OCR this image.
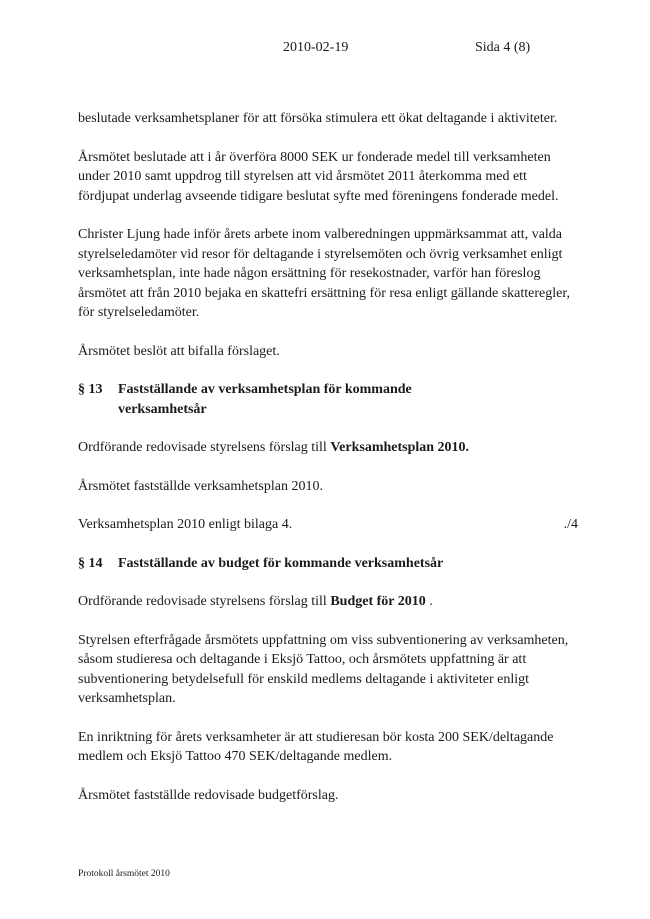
2010-02-19	Sida 4 (8)

beslutade verksamhetsplaner för att försöka stimulera ett ökat deltagande i aktiviteter.

Årsmötet beslutade att i år överföra 8000 SEK ur fonderade medel till verksamheten under 2010 samt uppdrog till styrelsen att vid årsmötet 2011 återkomma med ett fördjupat underlag avseende tidigare beslutat syfte med föreningens fonderade medel.

Christer Ljung hade inför årets arbete inom valberedningen uppmärksammat att, valda styrelseledamöter vid resor för deltagande i styrelsemöten och övrig verksamhet enligt verksamhetsplan, inte hade någon ersättning för resekostnader, varför han föreslog årsmötet att från 2010 bejaka en skattefri ersättning för resa enligt gällande skatteregler, för styrelseledamöter.

Årsmötet beslöt att bifalla förslaget.

§ 13	Fastställande av verksamhetsplan för kommande verksamhetsår

Ordförande redovisade styrelsens förslag till Verksamhetsplan 2010.

Årsmötet fastställde verksamhetsplan 2010.

Verksamhetsplan 2010 enligt bilaga 4.	./4
§ 14	Fastställande av budget för kommande verksamhetsår

Ordförande redovisade styrelsens förslag till Budget för 2010 .

Styrelsen efterfrågade årsmötets uppfattning om viss subventionering av verksamheten, såsom studieresa och deltagande i Eksjö Tattoo, och årsmötets uppfattning är att subventionering betydelsefull för enskild medlems deltagande i aktiviteter enligt verksamhetsplan.

En inriktning för årets verksamheter är att studieresan bör kosta 200 SEK/deltagande medlem och Eksjö Tattoo 470 SEK/deltagande medlem.

Årsmötet fastställde redovisade budgetförslag.

Protokoll årsmötet 2010
